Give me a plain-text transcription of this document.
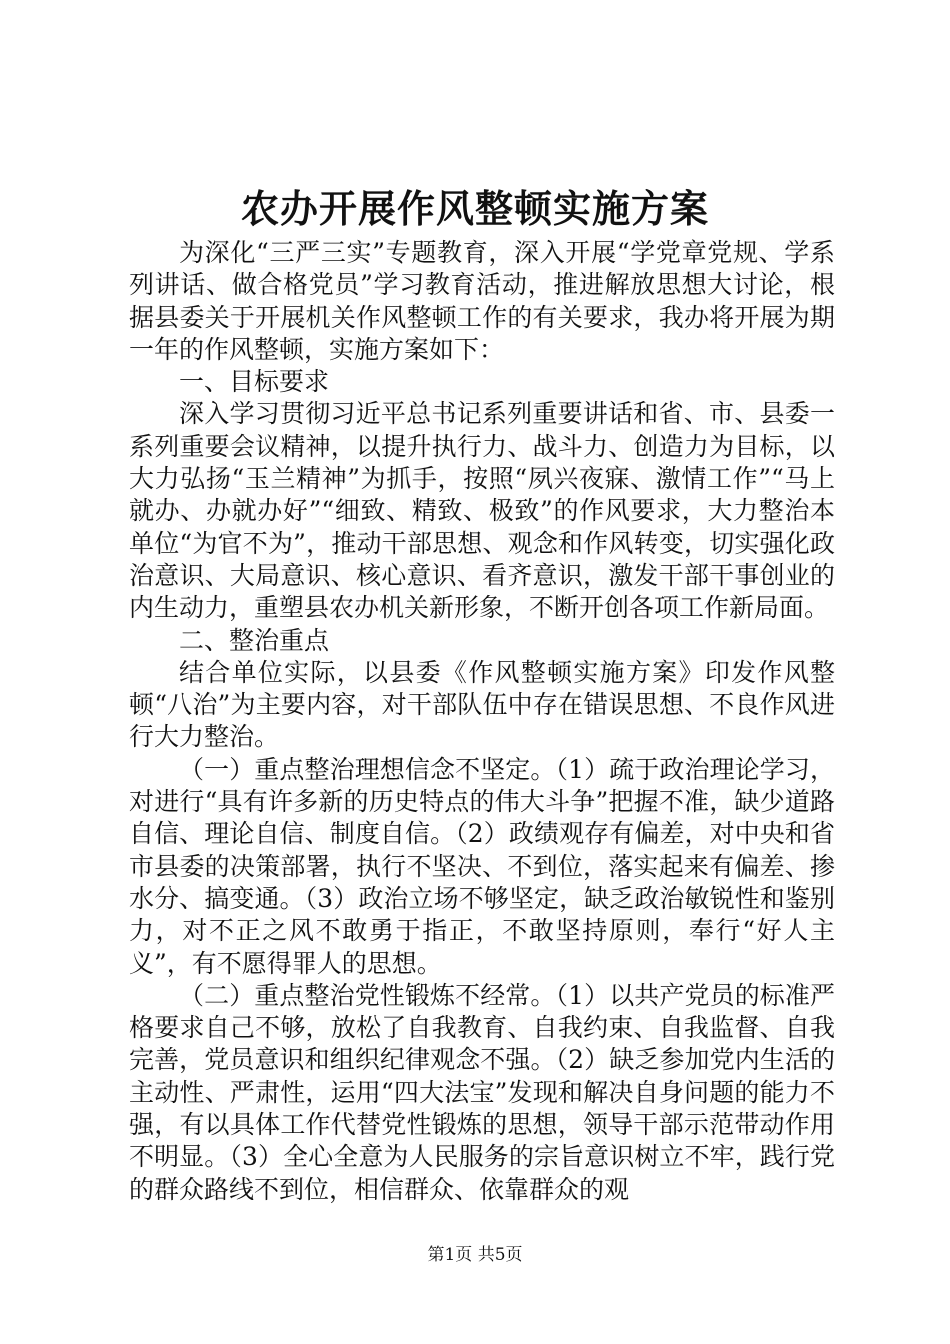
农办开展作风整顿实施方案

为深化“三严三实”专题教育，深入开展“学党章党规、学系列讲话、做合格党员”学习教育活动，推进解放思想大讨论，根据县委关于开展机关作风整顿工作的有关要求，我办将开展为期一年的作风整顿，实施方案如下：

一、目标要求

深入学习贯彻习近平总书记系列重要讲话和省、市、县委一系列重要会议精神，以提升执行力、战斗力、创造力为目标，以大力弘扬“玉兰精神”为抓手，按照“夙兴夜寐、激情工作”“马上就办、办就办好”“细致、精致、极致”的作风要求，大力整治本单位“为官不为”，推动干部思想、观念和作风转变，切实强化政治意识、大局意识、核心意识、看齐意识，激发干部干事创业的内生动力，重塑县农办机关新形象，不断开创各项工作新局面。

二、整治重点

结合单位实际，以县委《作风整顿实施方案》印发作风整顿“八治”为主要内容，对干部队伍中存在错误思想、不良作风进行大力整治。

（一）重点整治理想信念不坚定。（1）疏于政治理论学习，对进行“具有许多新的历史特点的伟大斗争”把握不准，缺少道路自信、理论自信、制度自信。（2）政绩观存有偏差，对中央和省市县委的决策部署，执行不坚决、不到位，落实起来有偏差、掺水分、搞变通。（3）政治立场不够坚定，缺乏政治敏锐性和鉴别力，对不正之风不敢勇于指正，不敢坚持原则，奉行“好人主义”，有不愿得罪人的思想。

（二）重点整治党性锻炼不经常。（1）以共产党员的标准严格要求自己不够，放松了自我教育、自我约束、自我监督、自我完善，党员意识和组织纪律观念不强。（2）缺乏参加党内生活的主动性、严肃性，运用“四大法宝”发现和解决自身问题的能力不强，有以具体工作代替党性锻炼的思想，领导干部示范带动作用不明显。（3）全心全意为人民服务的宗旨意识树立不牢，践行党的群众路线不到位，相信群众、依靠群众的观

第1页 共5页
